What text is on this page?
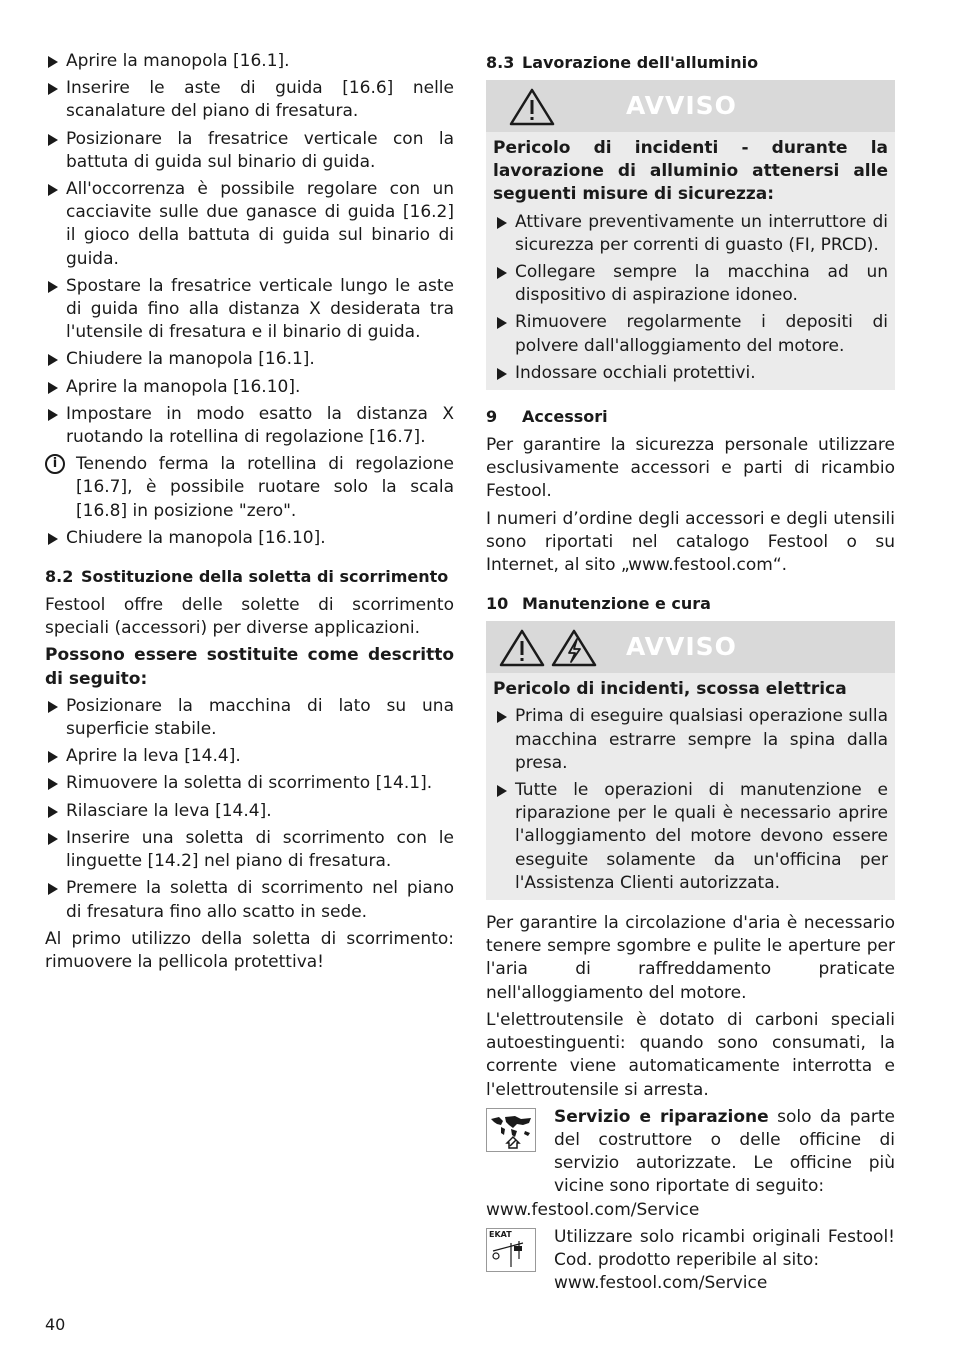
Aprire la manopola [16.1].
Inserire le aste di guida [16.6] nelle scanalature del piano di fresatura.
Posizionare la fresatrice verticale con la battuta di guida sul binario di guida.
All'occorrenza è possibile regolare con un cacciavite sulle due ganasce di guida [16.2] il gioco della battuta di guida sul binario di guida.
Spostare la fresatrice verticale lungo le aste di guida fino alla distanza X desiderata tra l'utensile di fresatura e il binario di guida.
Chiudere la manopola [16.1].
Aprire la manopola [16.10].
Impostare in modo esatto la distanza X ruotando la rotellina di regolazione [16.7].
i	Tenendo ferma la rotellina di regolazione [16.7], è possibile ruotare solo la scala [16.8] in posizione "zero".
Chiudere la manopola [16.10].
8.2 Sostituzione della soletta di scorrimento

Festool offre delle solette di scorrimento speciali (accessori) per diverse applicazioni.

Possono essere sostituite come descritto di seguito:

Posizionare la macchina di lato su una superficie stabile.
Aprire la leva [14.4].
Rimuovere la soletta di scorrimento [14.1].
Rilasciare la leva [14.4].
Inserire una soletta di scorrimento con le linguette [14.2] nel piano di fresatura.
Premere la soletta di scorrimento nel piano di fresatura fino allo scatto in sede.

Al primo utilizzo della soletta di scorrimento: rimuovere la pellicola protettiva!

8.3 Lavorazione dell'alluminio
AVVISO

Pericolo di incidenti - durante la lavorazione di alluminio attenersi alle seguenti misure di sicurezza:

Attivare preventivamente un interruttore di sicurezza per correnti di guasto (FI, PRCD).
Collegare sempre la macchina ad un dispositivo di aspirazione idoneo.
Rimuovere regolarmente i depositi di polvere dall'alloggiamento del motore.
Indossare occhiali protettivi.
9 Accessori

Per garantire la sicurezza personale utilizzare esclusivamente accessori e parti di ricambio Festool.

I numeri d’ordine degli accessori e degli utensili sono riportati nel catalogo Festool o su Internet, al sito „www.festool.com“.

10 Manutenzione e cura
AVVISO

Pericolo di incidenti, scossa elettrica

Prima di eseguire qualsiasi operazione sulla macchina estrarre sempre la spina dalla presa.
Tutte le operazioni di manutenzione e riparazione per le quali è necessario aprire l'alloggiamento del motore devono essere eseguite solamente da un'officina per l'Assistenza Clienti autorizzata.

Per garantire la circolazione d'aria è necessario tenere sempre sgombre e pulite le aperture per l'aria di raffreddamento praticate nell'alloggiamento del motore.

L'elettroutensile è dotato di carboni speciali autoestinguenti: quando sono consumati, la corrente viene automaticamente interrotta e l'elettroutensile si arresta.

Servizio e riparazione solo da parte del costruttore o delle officine di servizio autorizzate. Le officine più vicine sono riportate di seguito:

www.festool.com/Service

EKAT Utilizzare solo ricambi originali Festool! Cod. prodotto reperibile al sito:
www.festool.com/Service
40
